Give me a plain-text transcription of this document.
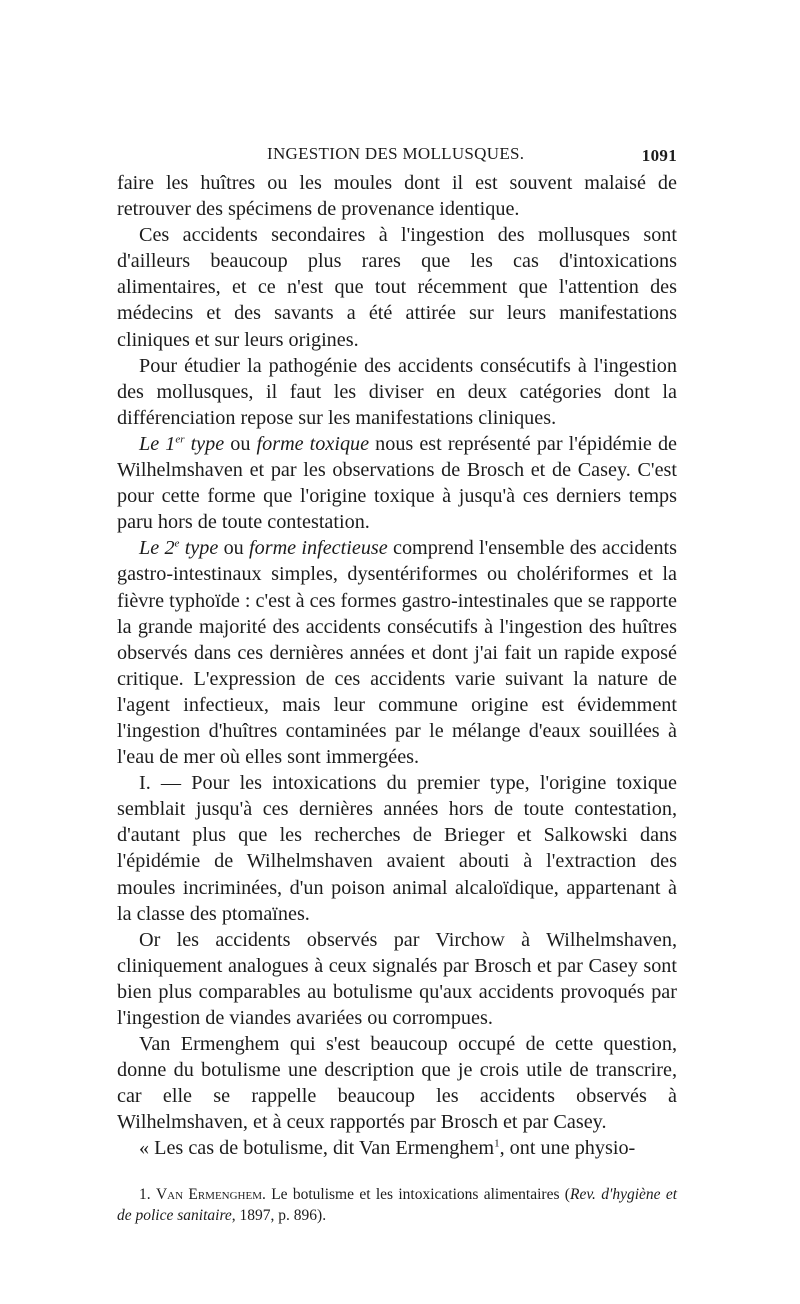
INGESTION DES MOLLUSQUES.	1091

faire les huîtres ou les moules dont il est souvent malaisé de retrouver des spécimens de provenance identique.

Ces accidents secondaires à l'ingestion des mollusques sont d'ailleurs beaucoup plus rares que les cas d'intoxications alimentaires, et ce n'est que tout récemment que l'attention des médecins et des savants a été attirée sur leurs manifestations cliniques et sur leurs origines.

Pour étudier la pathogénie des accidents consécutifs à l'ingestion des mollusques, il faut les diviser en deux catégories dont la différenciation repose sur les manifestations cliniques.

Le 1er type ou forme toxique nous est représenté par l'épidémie de Wilhelmshaven et par les observations de Brosch et de Casey. C'est pour cette forme que l'origine toxique à jusqu'à ces derniers temps paru hors de toute contestation.

Le 2e type ou forme infectieuse comprend l'ensemble des accidents gastro-intestinaux simples, dysentériformes ou cholériformes et la fièvre typhoïde : c'est à ces formes gastro-intestinales que se rapporte la grande majorité des accidents consécutifs à l'ingestion des huîtres observés dans ces dernières années et dont j'ai fait un rapide exposé critique. L'expression de ces accidents varie suivant la nature de l'agent infectieux, mais leur commune origine est évidemment l'ingestion d'huîtres contaminées par le mélange d'eaux souillées à l'eau de mer où elles sont immergées.

I. — Pour les intoxications du premier type, l'origine toxique semblait jusqu'à ces dernières années hors de toute contestation, d'autant plus que les recherches de Brieger et Salkowski dans l'épidémie de Wilhelmshaven avaient abouti à l'extraction des moules incriminées, d'un poison animal alcaloïdique, appartenant à la classe des ptomaïnes.

Or les accidents observés par Virchow à Wilhelmshaven, cliniquement analogues à ceux signalés par Brosch et par Casey sont bien plus comparables au botulisme qu'aux accidents provoqués par l'ingestion de viandes avariées ou corrompues.

Van Ermenghem qui s'est beaucoup occupé de cette question, donne du botulisme une description que je crois utile de transcrire, car elle se rappelle beaucoup les accidents observés à Wilhelmshaven, et à ceux rapportés par Brosch et par Casey.

« Les cas de botulisme, dit Van Ermenghem$^1$, ont une physio-

1. Van Ermenghem. Le botulisme et les intoxications alimentaires (Rev. d'hygiène et de police sanitaire, 1897, p. 896).
